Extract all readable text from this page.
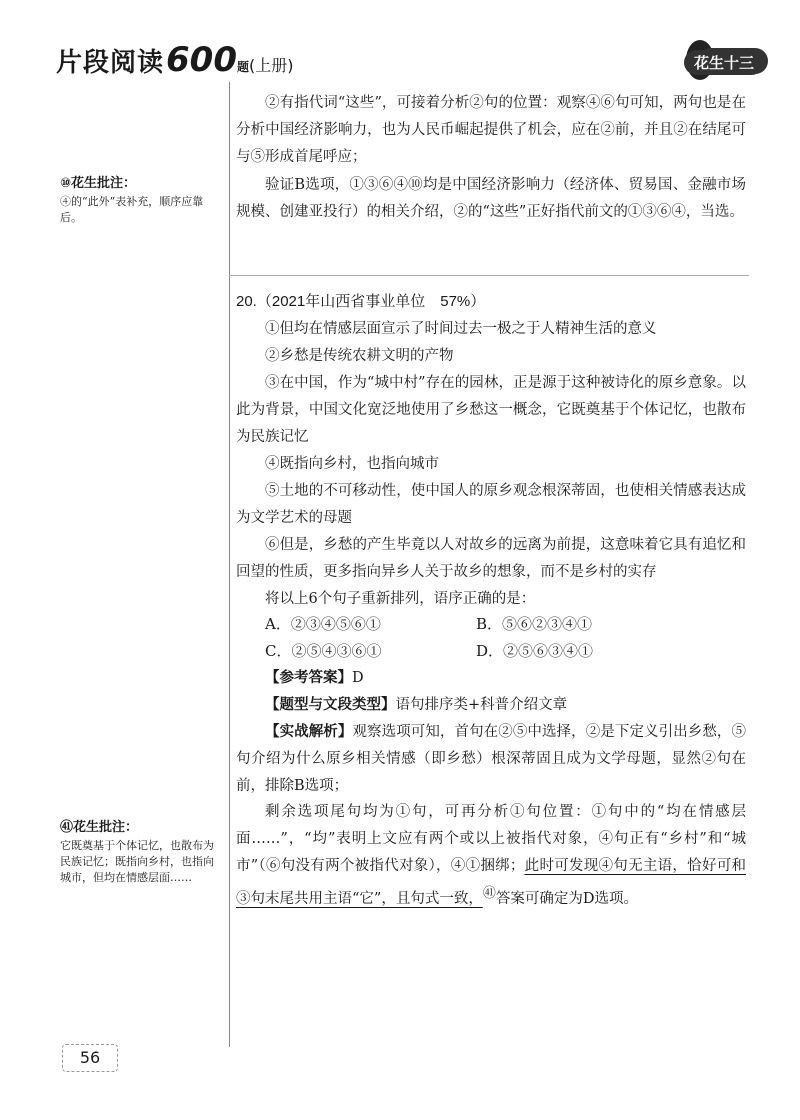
片段阅读600题(上册)	花生十三
②有指代词“这些”，可接着分析②句的位置：观察④⑥句可知，两句也是在分析中国经济影响力，也为人民币崛起提供了机会，应在②前，并且②在结尾可与⑤形成首尾呼应；
验证B选项，①③⑥④⑩均是中国经济影响力（经济体、贸易国、金融市场规模、创建亚投行）的相关介绍，②的“这些”正好指代前文的①③⑥④，当选。
⑩花生批注：
④的“此外”表补充，顺序应靠后。
20.（2021年山西省事业单位　57%）
①但均在情感层面宣示了时间过去一极之于人精神生活的意义
②乡愁是传统农耕文明的产物
③在中国，作为“城中村”存在的园林，正是源于这种被诗化的原乡意象。以此为背景，中国文化宽泛地使用了乡愁这一概念，它既奠基于个体记忆，也散布为民族记忆
④既指向乡村，也指向城市
⑤土地的不可移动性，使中国人的原乡观念根深蒂固，也使相关情感表达成为文学艺术的母题
⑥但是，乡愁的产生毕竟以人对故乡的远离为前提，这意味着它具有追忆和回望的性质，更多指向异乡人关于故乡的想象，而不是乡村的实存
将以上6个句子重新排列，语序正确的是：
A．②③④⑤⑥①	B．⑤⑥②③④①
C．②⑤④③⑥①	D．②⑤⑥③④①
【参考答案】D
【题型与文段类型】语句排序类+科普介绍文章
【实战解析】观察选项可知，首句在②⑤中选择，②是下定义引出乡愁，⑤句介绍为什么原乡相关情感（即乡愁）根深蒂固且成为文学母题，显然②句在前，排除B选项；
剩余选项尾句均为①句，可再分析①句位置：①句中的“均在情感层面……”，“均”表明上文应有两个或以上被指代对象，④句正有“乡村”和“城市”（⑥句没有两个被指代对象），④①捆绑；此时可发现④句无主语，恰好可和③句末尾共用主语“它”，且句式一致，$^㊶$答案可确定为D选项。
㊶花生批注：
它既奠基于个体记忆，也散布为民族记忆；既指向乡村，也指向城市，但均在情感层面……
56
